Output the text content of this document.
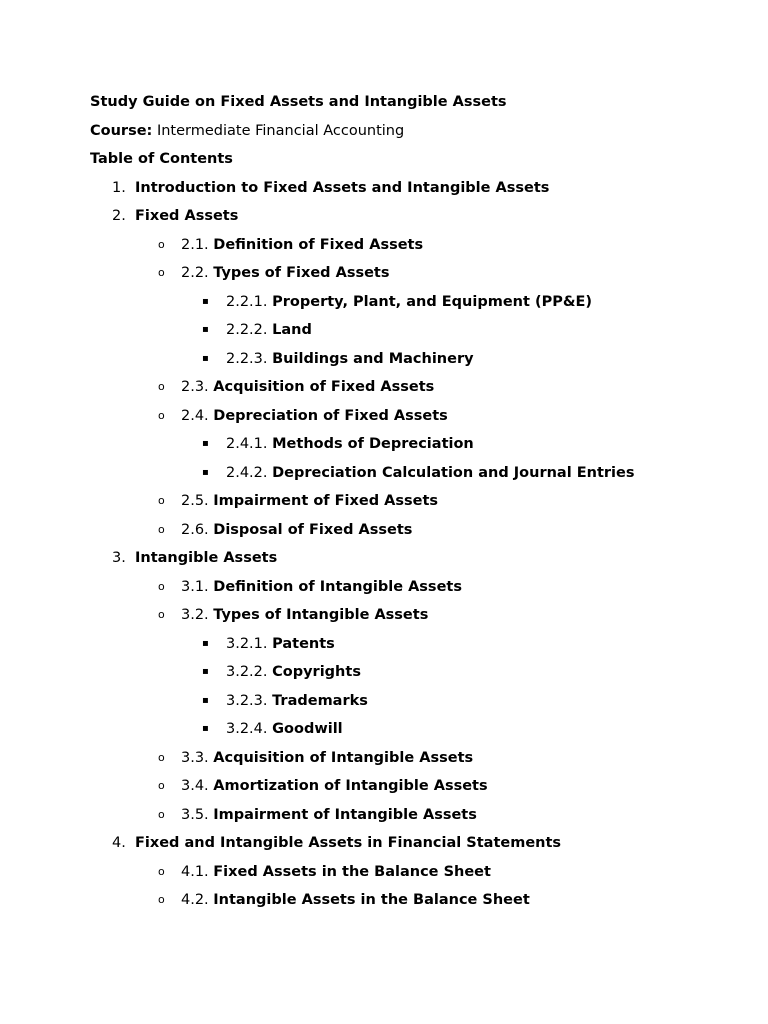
Study Guide on Fixed Assets and Intangible Assets
Course: Intermediate Financial Accounting
Table of Contents
1. Introduction to Fixed Assets and Intangible Assets
2. Fixed Assets
o 2.1. Definition of Fixed Assets
o 2.2. Types of Fixed Assets
▪ 2.2.1. Property, Plant, and Equipment (PP&E)
▪ 2.2.2. Land
▪ 2.2.3. Buildings and Machinery
o 2.3. Acquisition of Fixed Assets
o 2.4. Depreciation of Fixed Assets
▪ 2.4.1. Methods of Depreciation
▪ 2.4.2. Depreciation Calculation and Journal Entries
o 2.5. Impairment of Fixed Assets
o 2.6. Disposal of Fixed Assets
3. Intangible Assets
o 3.1. Definition of Intangible Assets
o 3.2. Types of Intangible Assets
▪ 3.2.1. Patents
▪ 3.2.2. Copyrights
▪ 3.2.3. Trademarks
▪ 3.2.4. Goodwill
o 3.3. Acquisition of Intangible Assets
o 3.4. Amortization of Intangible Assets
o 3.5. Impairment of Intangible Assets
4. Fixed and Intangible Assets in Financial Statements
o 4.1. Fixed Assets in the Balance Sheet
o 4.2. Intangible Assets in the Balance Sheet
